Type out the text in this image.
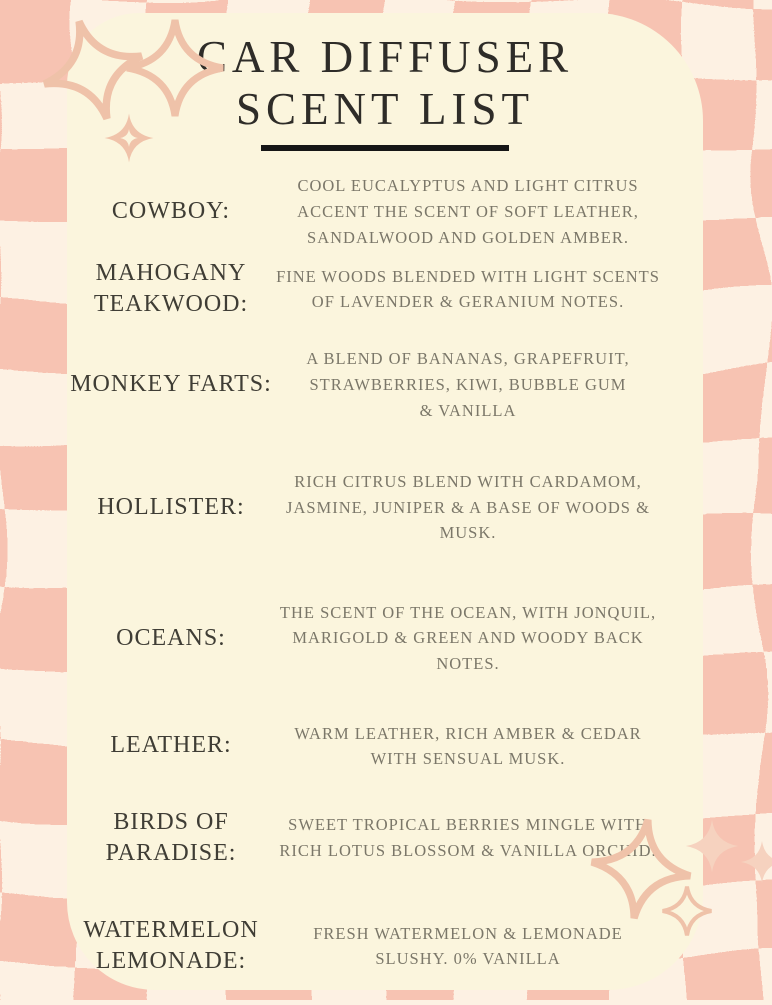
CAR DIFFUSER
SCENT LIST
COWBOY:
COOL EUCALYPTUS AND LIGHT CITRUS ACCENT THE SCENT OF SOFT LEATHER, SANDALWOOD AND GOLDEN AMBER.
MAHOGANY TEAKWOOD:
FINE WOODS BLENDED WITH LIGHT SCENTS OF LAVENDER & GERANIUM NOTES.
MONKEY FARTS:
A BLEND OF BANANAS, GRAPEFRUIT, STRAWBERRIES, KIWI, BUBBLE GUM & VANILLA
HOLLISTER:
RICH CITRUS BLEND WITH CARDAMOM, JASMINE, JUNIPER & A BASE OF WOODS & MUSK.
OCEANS:
THE SCENT OF THE OCEAN, WITH JONQUIL, MARIGOLD & GREEN AND WOODY BACK NOTES.
LEATHER:	WARM LEATHER, RICH AMBER & CEDAR WITH SENSUAL MUSK.
BIRDS OF PARADISE:
SWEET TROPICAL BERRIES MINGLE WITH RICH LOTUS BLOSSOM & VANILLA ORCHID.
WATERMELON LEMONADE:
FRESH WATERMELON & LEMONADE SLUSHY. 0% VANILLA
